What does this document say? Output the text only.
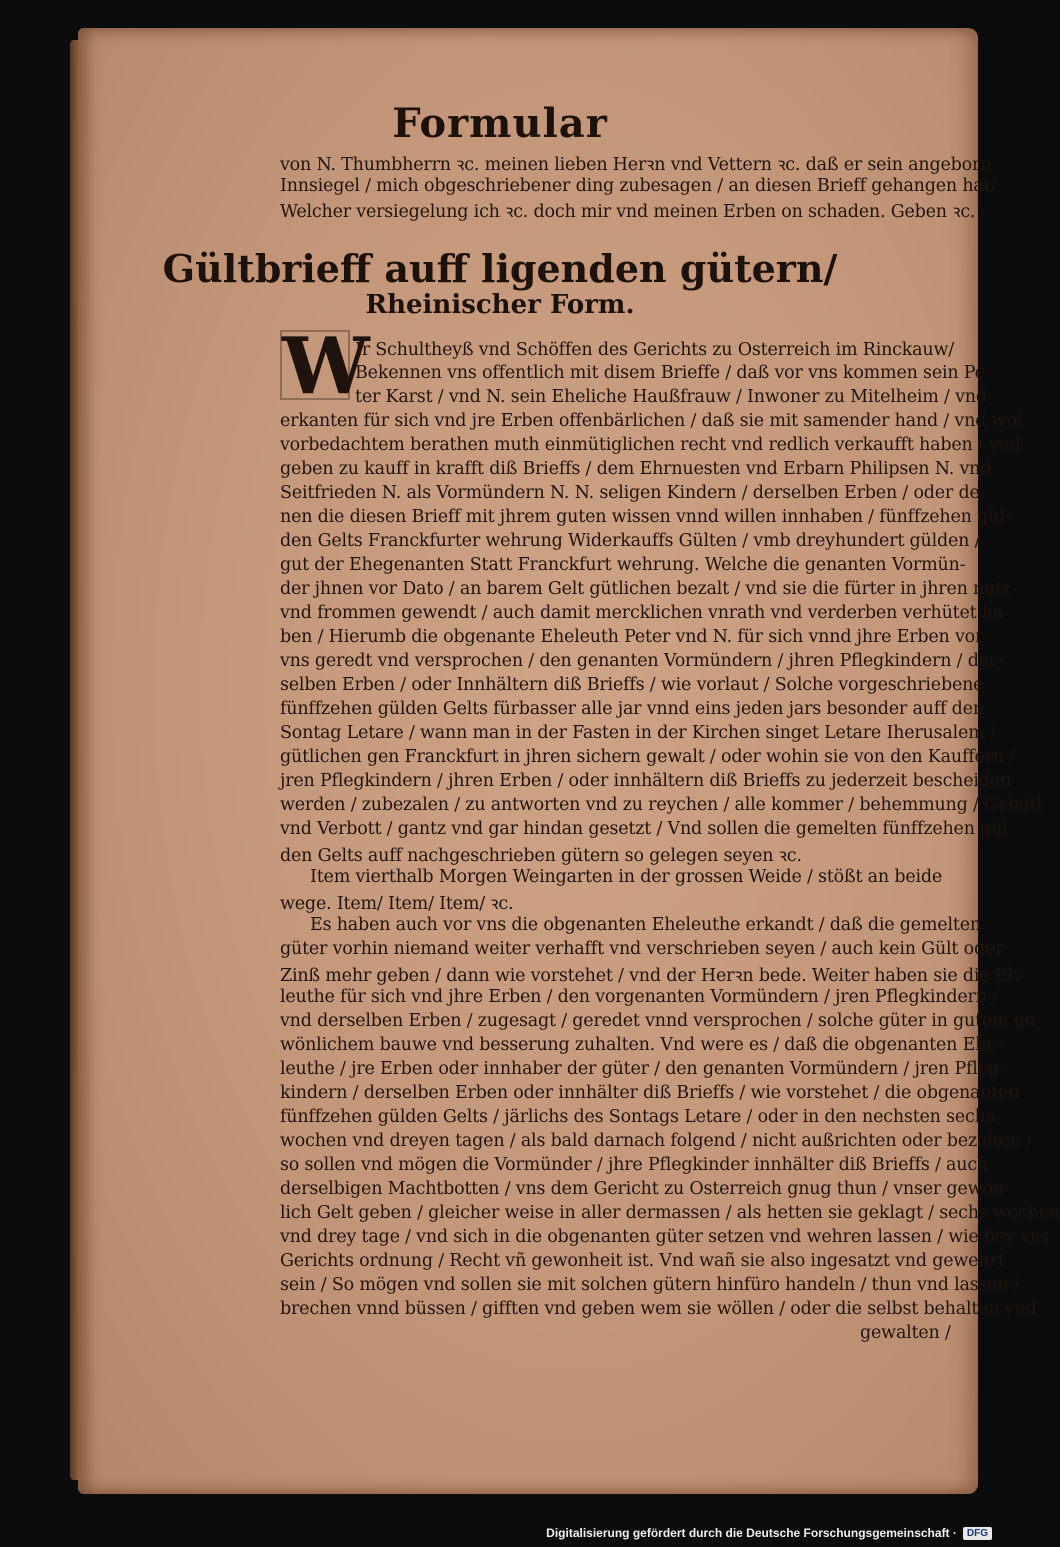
Formular
Gültbrieff auff ligenden gütern/
Rheinischer Form.
W
von N. Thumbherrn ꝛc. meinen lieben Herꝛn vnd Vettern ꝛc. daß er sein angeborn
Innsiegel / mich obgeschriebener ding zubesagen / an diesen Brieff gehangen hat/
Welcher versiegelung ich ꝛc. doch mir vnd meinen Erben on schaden. Geben ꝛc.
Ir Schultheyß vnd Schöffen des Gerichts zu Osterreich im Rinckauw/
Bekennen vns offentlich mit disem Brieffe / daß vor vns kommen sein Pe-
ter Karst / vnd N. sein Eheliche Haußfrauw / Inwoner zu Mitelheim / vnd
erkanten für sich vnd jre Erben offenbärlichen / daß sie mit samender hand / vnd wol-
vorbedachtem berathen muth einmütiglichen recht vnd redlich verkaufft haben / vnd
geben zu kauff in krafft diß Brieffs / dem Ehrnuesten vnd Erbarn Philipsen N. vnd
Seitfrieden N. als Vormündern N. N. seligen Kindern / derselben Erben / oder de-
nen die diesen Brieff mit jhrem guten wissen vnnd willen innhaben / fünffzehen gül-
den Gelts Franckfurter wehrung Widerkauffs Gülten / vmb dreyhundert gülden /
gut der Ehegenanten Statt Franckfurt wehrung. Welche die genanten Vormün-
der jhnen vor Dato / an barem Gelt gütlichen bezalt / vnd sie die fürter in jhren nutz
vnd frommen gewendt / auch damit mercklichen vnrath vnd verderben verhütet ha-
ben / Hierumb die obgenante Eheleuth Peter vnd N. für sich vnnd jhre Erben vor
vns geredt vnd versprochen / den genanten Vormündern / jhren Pflegkindern / der-
selben Erben / oder Innhältern diß Brieffs / wie vorlaut / Solche vorgeschriebene
fünffzehen gülden Gelts fürbasser alle jar vnnd eins jeden jars besonder auff den
Sontag Letare / wann man in der Fasten in der Kirchen singet Letare Iherusalem /
gütlichen gen Franckfurt in jhren sichern gewalt / oder wohin sie von den Kauffern /
jren Pflegkindern / jhren Erben / oder innhältern diß Brieffs zu jederzeit bescheiden
werden / zubezalen / zu antworten vnd zu reychen / alle kommer / behemmung / Gebott
vnd Verbott / gantz vnd gar hindan gesetzt / Vnd sollen die gemelten fünffzehen gül-
den Gelts auff nachgeschrieben gütern so gelegen seyen ꝛc.
Item vierthalb Morgen Weingarten in der grossen Weide / stößt an beide
wege. Item/ Item/ Item/ ꝛc.
Es haben auch vor vns die obgenanten Eheleuthe erkandt / daß die gemelten
güter vorhin niemand weiter verhafft vnd verschrieben seyen / auch kein Gült oder
Zinß mehr geben / dann wie vorstehet / vnd der Herꝛn bede. Weiter haben sie die Eh-
leuthe für sich vnd jhre Erben / den vorgenanten Vormündern / jren Pflegkindern /
vnd derselben Erben / zugesagt / geredet vnnd versprochen / solche güter in gutem ge-
wönlichem bauwe vnd besserung zuhalten. Vnd were es / daß die obgenanten Ehe-
leuthe / jre Erben oder innhaber der güter / den genanten Vormündern / jren Pfleg-
kindern / derselben Erben oder innhälter diß Brieffs / wie vorstehet / die obgenanten
fünffzehen gülden Gelts / järlichs des Sontags Letare / oder in den nechsten sechs
wochen vnd dreyen tagen / als bald darnach folgend / nicht außrichten oder bezalten /
so sollen vnd mögen die Vormünder / jhre Pflegkinder innhälter diß Brieffs / auch
derselbigen Machtbotten / vns dem Gericht zu Osterreich gnug thun / vnser gewön-
lich Gelt geben / gleicher weise in aller dermassen / als hetten sie geklagt / sechs wochen
vnd drey tage / vnd sich in die obgenanten güter setzen vnd wehren lassen / wie bey vns
Gerichts ordnung / Recht vñ gewonheit ist. Vnd wañ sie also ingesatzt vnd gewehrt
sein / So mögen vnd sollen sie mit solchen gütern hinfüro handeln / thun vnd lassen /
brechen vnnd büssen / gifften vnd geben wem sie wöllen / oder die selbst behalten vnd
gewalten /
Digitalisierung gefördert durch die Deutsche Forschungsgemeinschaft ·	DFG
